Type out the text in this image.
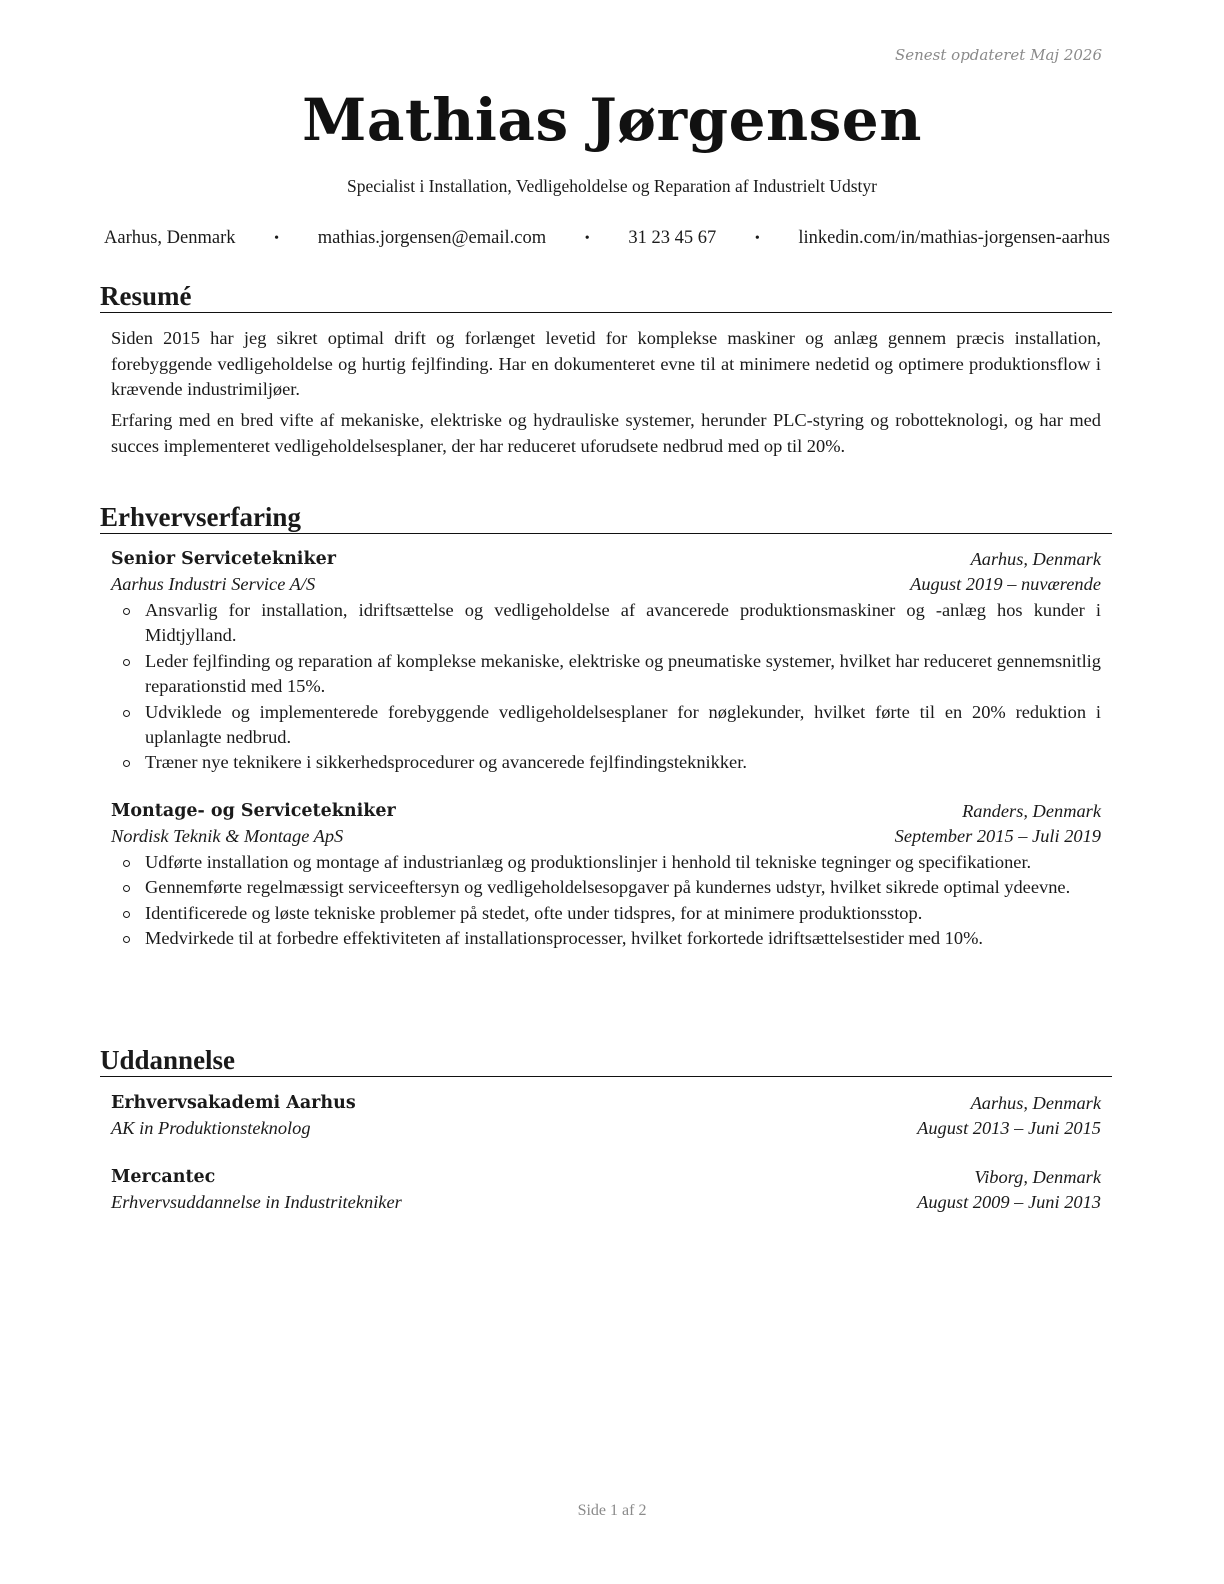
Senest opdateret Maj 2026
Mathias Jørgensen
Specialist i Installation, Vedligeholdelse og Reparation af Industrielt Udstyr
Aarhus, Denmark	• mathias.jorgensen@email.com	• 31 23 45 67	• linkedin.com/in/mathias-jorgensen-aarhus
Resumé

Siden 2015 har jeg sikret optimal drift og forlænget levetid for komplekse maskiner og anlæg gennem præcis installation, forebyggende vedligeholdelse og hurtig fejlfinding. Har en dokumenteret evne til at minimere nedetid og optimere produktionsflow i krævende industrimiljøer.

Erfaring med en bred vifte af mekaniske, elektriske og hydrauliske systemer, herunder PLC-styring og robotteknologi, og har med succes implementeret vedligeholdelsesplaner, der har reduceret uforudsete nedbrud med op til 20%.

Erhvervserfaring
Senior Servicetekniker	Aarhus, Denmark
Aarhus Industri Service A/S	August 2019 – nuværende
Ansvarlig for installation, idriftsættelse og vedligeholdelse af avancerede produktionsmaskiner og -anlæg hos kunder i Midtjylland.
Leder fejlfinding og reparation af komplekse mekaniske, elektriske og pneumatiske systemer, hvilket har reduceret gennemsnitlig reparationstid med 15%.
Udviklede og implementerede forebyggende vedligeholdelsesplaner for nøglekunder, hvilket førte til en 20% reduktion i uplanlagte nedbrud.
Træner nye teknikere i sikkerhedsprocedurer og avancerede fejlfindingsteknikker.
Montage- og Servicetekniker	Randers, Denmark
Nordisk Teknik & Montage ApS	September 2015 – Juli 2019
Udførte installation og montage af industrianlæg og produktionslinjer i henhold til tekniske tegninger og specifikationer.
Gennemførte regelmæssigt serviceeftersyn og vedligeholdelsesopgaver på kundernes udstyr, hvilket sikrede optimal ydeevne.
Identificerede og løste tekniske problemer på stedet, ofte under tidspres, for at minimere produktionsstop.
Medvirkede til at forbedre effektiviteten af installationsprocesser, hvilket forkortede idriftsættelsestider med 10%.
Uddannelse
Erhvervsakademi Aarhus	Aarhus, Denmark
AK in Produktionsteknolog	August 2013 – Juni 2015
Mercantec	Viborg, Denmark
Erhvervsuddannelse in Industritekniker	August 2009 – Juni 2013
Side 1 af 2
